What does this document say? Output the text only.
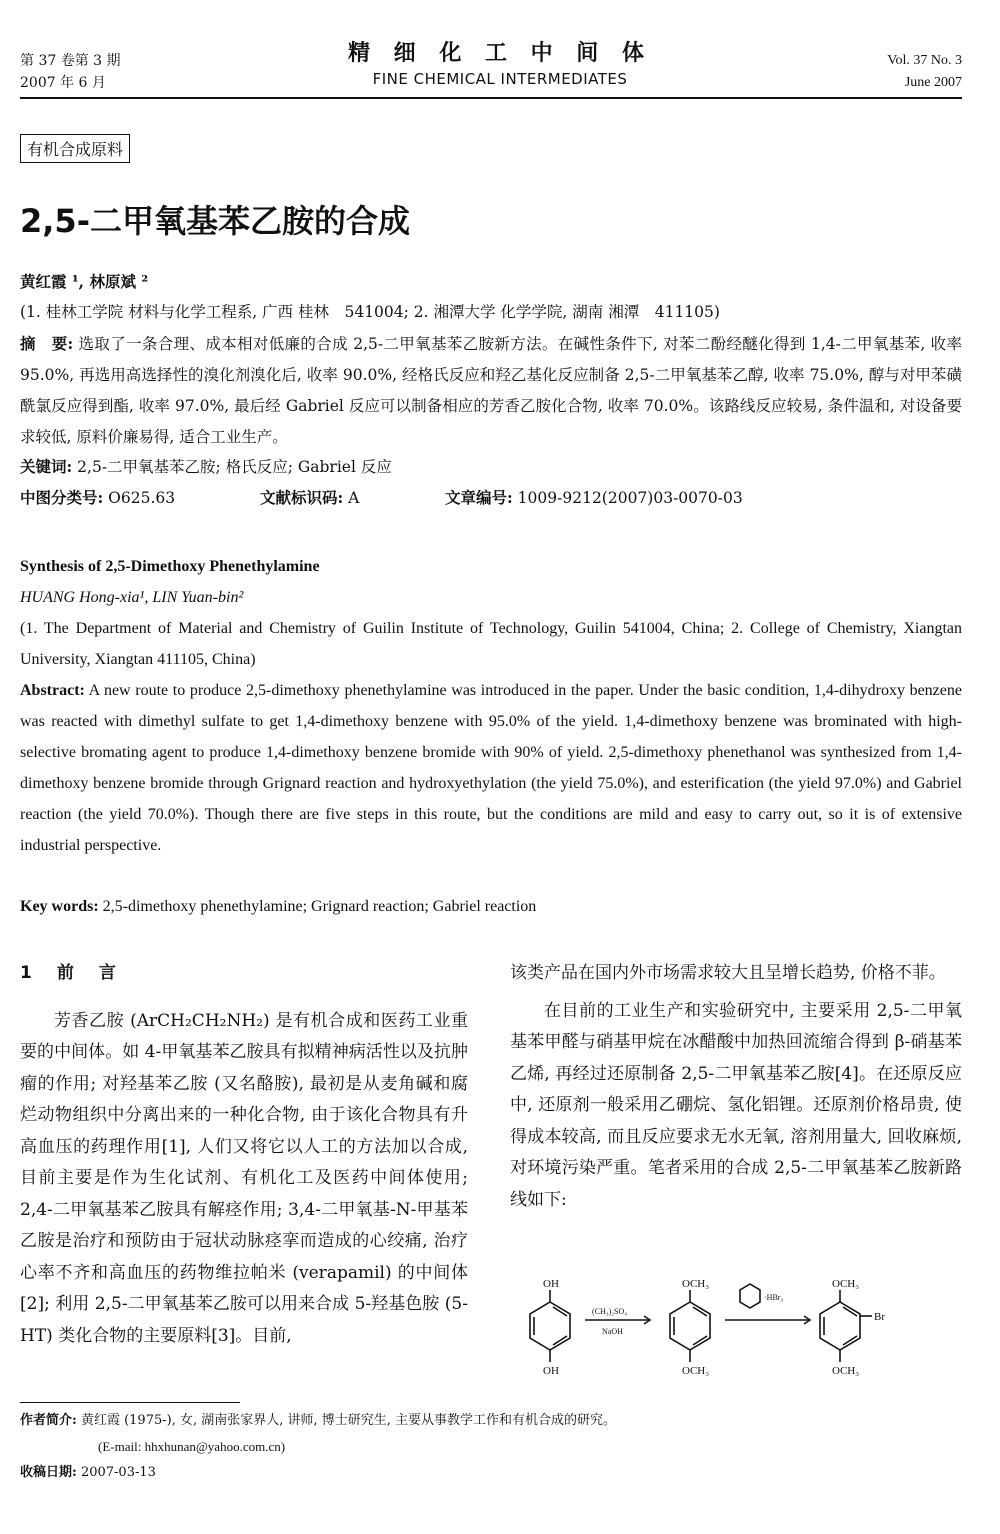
第 37 卷第 3 期
2007 年 6 月
精 细 化 工 中 间 体
FINE CHEMICAL INTERMEDIATES
Vol. 37 No. 3
June 2007
有机合成原料
2,5-二甲氧基苯乙胺的合成
黄红霞 ¹, 林原斌 ²
(1. 桂林工学院 材料与化学工程系, 广西 桂林　541004; 2. 湘潭大学 化学学院, 湖南 湘潭　411105)
摘　要: 选取了一条合理、成本相对低廉的合成 2,5-二甲氧基苯乙胺新方法。在碱性条件下, 对苯二酚经醚化得到 1,4-二甲氧基苯, 收率 95.0%, 再选用高选择性的溴化剂溴化后, 收率 90.0%, 经格氏反应和羟乙基化反应制备 2,5-二甲氧基苯乙醇, 收率 75.0%, 醇与对甲苯磺酰氯反应得到酯, 收率 97.0%, 最后经 Gabriel 反应可以制备相应的芳香乙胺化合物, 收率 70.0%。该路线反应较易, 条件温和, 对设备要求较低, 原料价廉易得, 适合工业生产。
关键词: 2,5-二甲氧基苯乙胺; 格氏反应; Gabriel 反应
中图分类号: O625.63	文献标识码: A	文章编号: 1009-9212(2007)03-0070-03
Synthesis of 2,5-Dimethoxy Phenethylamine
HUANG Hong-xia¹, LIN Yuan-bin²
(1. The Department of Material and Chemistry of Guilin Institute of Technology, Guilin 541004, China; 2. College of Chemistry, Xiangtan University, Xiangtan 411105, China)
Abstract: A new route to produce 2,5-dimethoxy phenethylamine was introduced in the paper. Under the basic condition, 1,4-dihydroxy benzene was reacted with dimethyl sulfate to get 1,4-dimethoxy benzene with 95.0% of the yield. 1,4-dimethoxy benzene was brominated with high-selective bromating agent to produce 1,4-dimethoxy benzene bromide with 90% of yield. 2,5-dimethoxy phenethanol was synthesized from 1,4-dimethoxy benzene bromide through Grignard reaction and hydroxyethylation (the yield 75.0%), and esterification (the yield 97.0%) and Gabriel reaction (the yield 70.0%). Though there are five steps in this route, but the conditions are mild and easy to carry out, so it is of extensive industrial perspective.
Key words: 2,5-dimethoxy phenethylamine; Grignard reaction; Gabriel reaction
1　前　言

芳香乙胺 (ArCH₂CH₂NH₂) 是有机合成和医药工业重要的中间体。如 4-甲氧基苯乙胺具有拟精神病活性以及抗肿瘤的作用; 对羟基苯乙胺 (又名酪胺), 最初是从麦角碱和腐烂动物组织中分离出来的一种化合物, 由于该化合物具有升高血压的药理作用[1], 人们又将它以人工的方法加以合成, 目前主要是作为生化试剂、有机化工及医药中间体使用; 2,4-二甲氧基苯乙胺具有解痉作用; 3,4-二甲氧基-N-甲基苯乙胺是治疗和预防由于冠状动脉痉挛而造成的心绞痛, 治疗心率不齐和高血压的药物维拉帕米 (verapamil) 的中间体[2]; 利用 2,5-二甲氧基苯乙胺可以用来合成 5-羟基色胺 (5-HT) 类化合物的主要原料[3]。目前,

该类产品在国内外市场需求较大且呈增长趋势, 价格不菲。

在目前的工业生产和实验研究中, 主要采用 2,5-二甲氧基苯甲醛与硝基甲烷在冰醋酸中加热回流缩合得到 β-硝基苯乙烯, 再经过还原制备 2,5-二甲氧基苯乙胺[4]。在还原反应中, 还原剂一般采用乙硼烷、氢化铝锂。还原剂价格昂贵, 使得成本较高, 而且反应要求无水无氧, 溶剂用量大, 回收麻烦, 对环境污染严重。笔者采用的合成 2,5-二甲氧基苯乙胺新路线如下:

OH
OH
(CH₃)₂SO₄
NaOH
OCH₃
OCH₃
·HBr₃
OCH₃
OCH₃
Br
作者简介: 黄红霞 (1975-), 女, 湖南张家界人, 讲师, 博士研究生, 主要从事教学工作和有机合成的研究。
(E-mail: hhxhunan@yahoo.com.cn)
收稿日期: 2007-03-13
